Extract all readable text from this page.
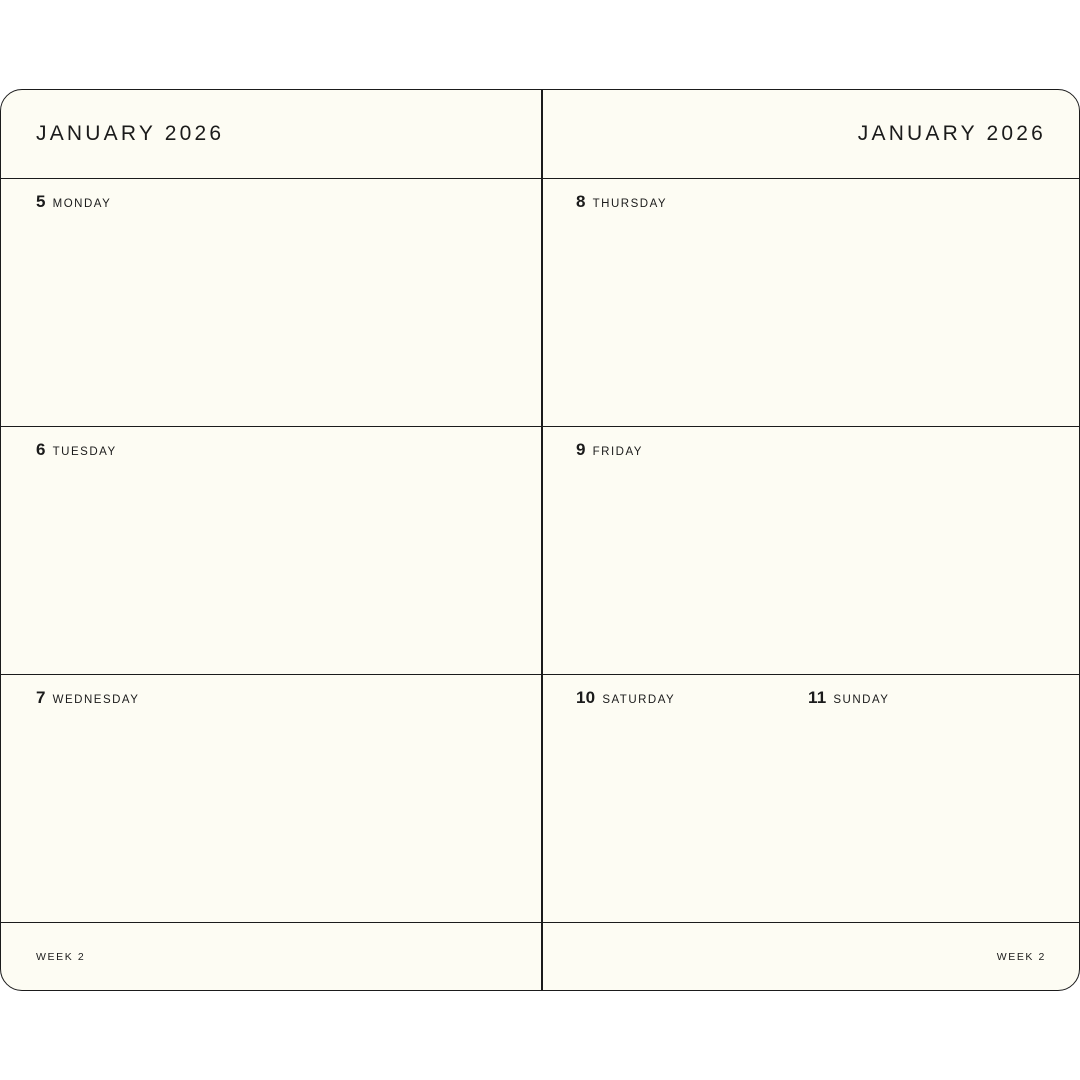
JANUARY 2026	JANUARY 2026
5 MONDAY
6 TUESDAY
7 WEDNESDAY
8 THURSDAY
9 FRIDAY
10 SATURDAY	11 SUNDAY
WEEK 2	WEEK 2
